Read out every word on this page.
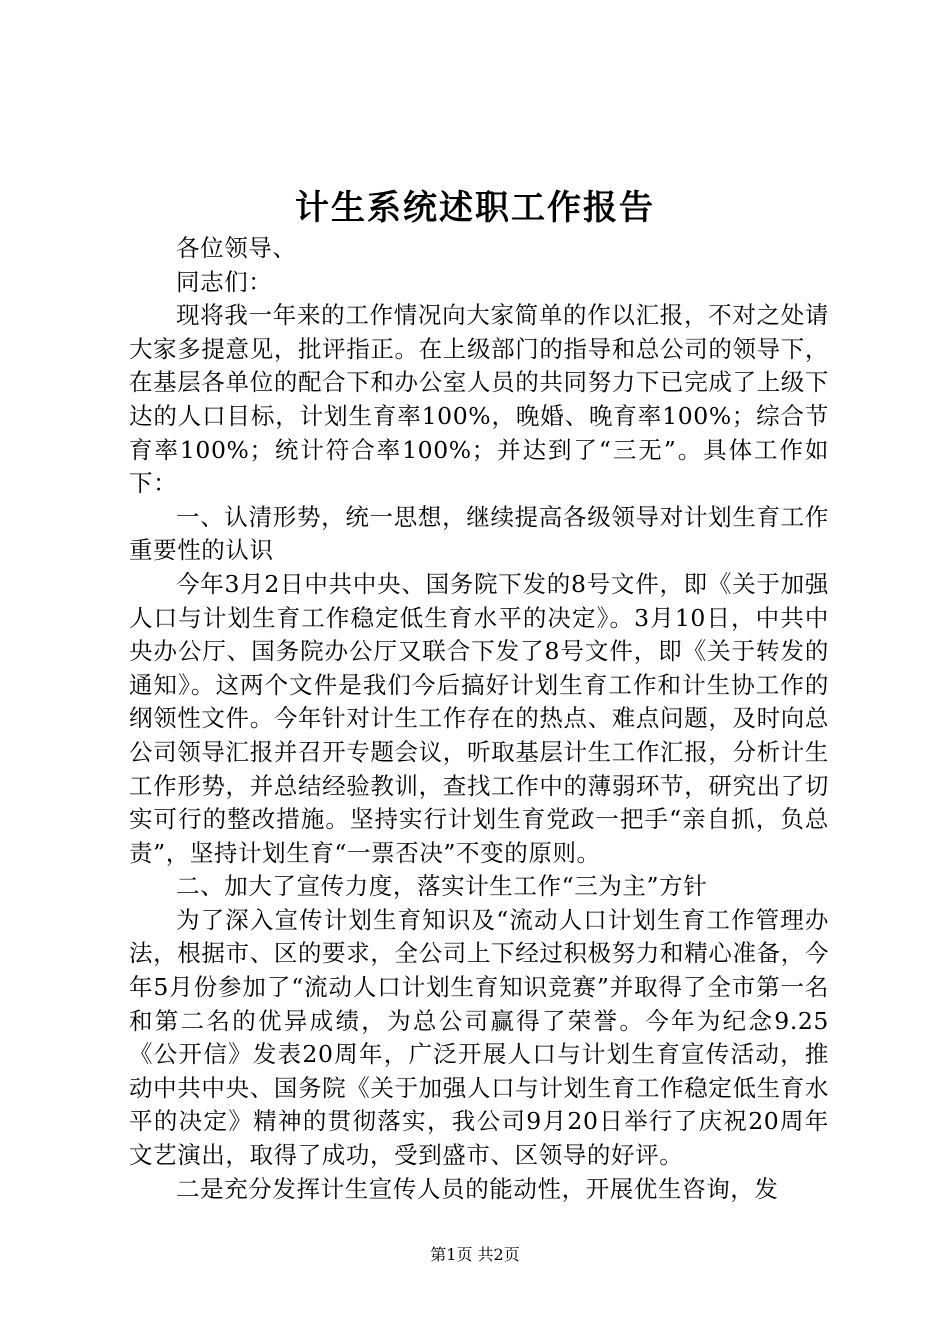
计生系统述职工作报告

各位领导、

同志们：

现将我一年来的工作情况向大家简单的作以汇报，不对之处请大家多提意见，批评指正。在上级部门的指导和总公司的领导下，在基层各单位的配合下和办公室人员的共同努力下已完成了上级下达的人口目标，计划生育率100%，晚婚、晚育率100%；综合节育率100%；统计符合率100%；并达到了“三无”。具体工作如下：

一、认清形势，统一思想，继续提高各级领导对计划生育工作重要性的认识

今年3月2日中共中央、国务院下发的8号文件，即《关于加强人口与计划生育工作稳定低生育水平的决定》。3月10日，中共中央办公厅、国务院办公厅又联合下发了8号文件，即《关于转发的通知》。这两个文件是我们今后搞好计划生育工作和计生协工作的纲领性文件。今年针对计生工作存在的热点、难点问题，及时向总公司领导汇报并召开专题会议，听取基层计生工作汇报，分析计生工作形势，并总结经验教训，查找工作中的薄弱环节，研究出了切实可行的整改措施。坚持实行计划生育党政一把手“亲自抓，负总责”，坚持计划生育“一票否决”不变的原则。

二、加大了宣传力度，落实计生工作“三为主”方针

为了深入宣传计划生育知识及“流动人口计划生育工作管理办法，根据市、区的要求，全公司上下经过积极努力和精心准备，今年5月份参加了“流动人口计划生育知识竞赛”并取得了全市第一名和第二名的优异成绩，为总公司赢得了荣誉。今年为纪念9.25《公开信》发表20周年，广泛开展人口与计划生育宣传活动，推动中共中央、国务院《关于加强人口与计划生育工作稳定低生育水平的决定》精神的贯彻落实，我公司9月20日举行了庆祝20周年文艺演出，取得了成功，受到盛市、区领导的好评。

二是充分发挥计生宣传人员的能动性，开展优生咨询，发

第1页 共2页
